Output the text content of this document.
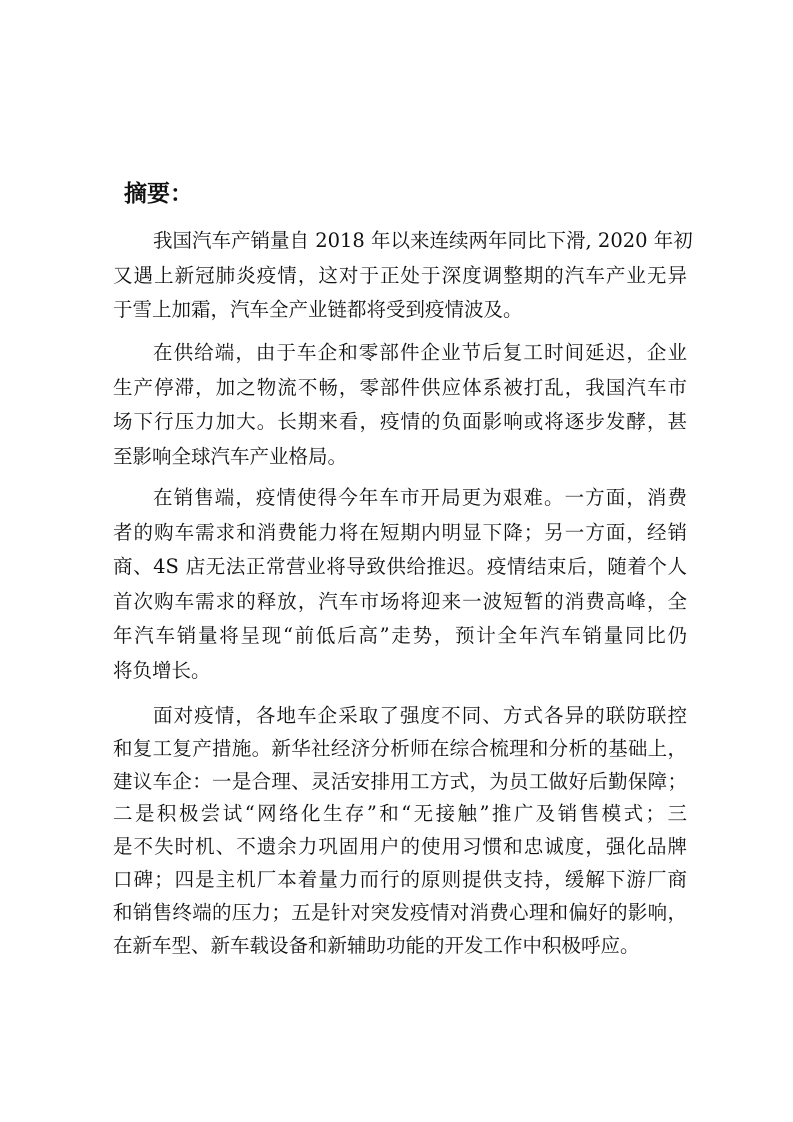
摘要：
我国汽车产销量自 2018 年以来连续两年同比下滑, 2020 年初
又遇上新冠肺炎疫情，这对于正处于深度调整期的汽车产业无异
于雪上加霜，汽车全产业链都将受到疫情波及。
在供给端，由于车企和零部件企业节后复工时间延迟，企业
生产停滞，加之物流不畅，零部件供应体系被打乱，我国汽车市
场下行压力加大。长期来看，疫情的负面影响或将逐步发酵，甚
至影响全球汽车产业格局。
在销售端，疫情使得今年车市开局更为艰难。一方面，消费
者的购车需求和消费能力将在短期内明显下降；另一方面，经销
商、4S 店无法正常营业将导致供给推迟。疫情结束后，随着个人
首次购车需求的释放，汽车市场将迎来一波短暂的消费高峰，全
年汽车销量将呈现“前低后高”走势，预计全年汽车销量同比仍
将负增长。
面对疫情，各地车企采取了强度不同、方式各异的联防联控
和复工复产措施。新华社经济分析师在综合梳理和分析的基础上，
建议车企：一是合理、灵活安排用工方式，为员工做好后勤保障；
二是积极尝试“网络化生存”和“无接触”推广及销售模式；三
是不失时机、不遗余力巩固用户的使用习惯和忠诚度，强化品牌
口碑；四是主机厂本着量力而行的原则提供支持，缓解下游厂商
和销售终端的压力；五是针对突发疫情对消费心理和偏好的影响，
在新车型、新车载设备和新辅助功能的开发工作中积极呼应。
